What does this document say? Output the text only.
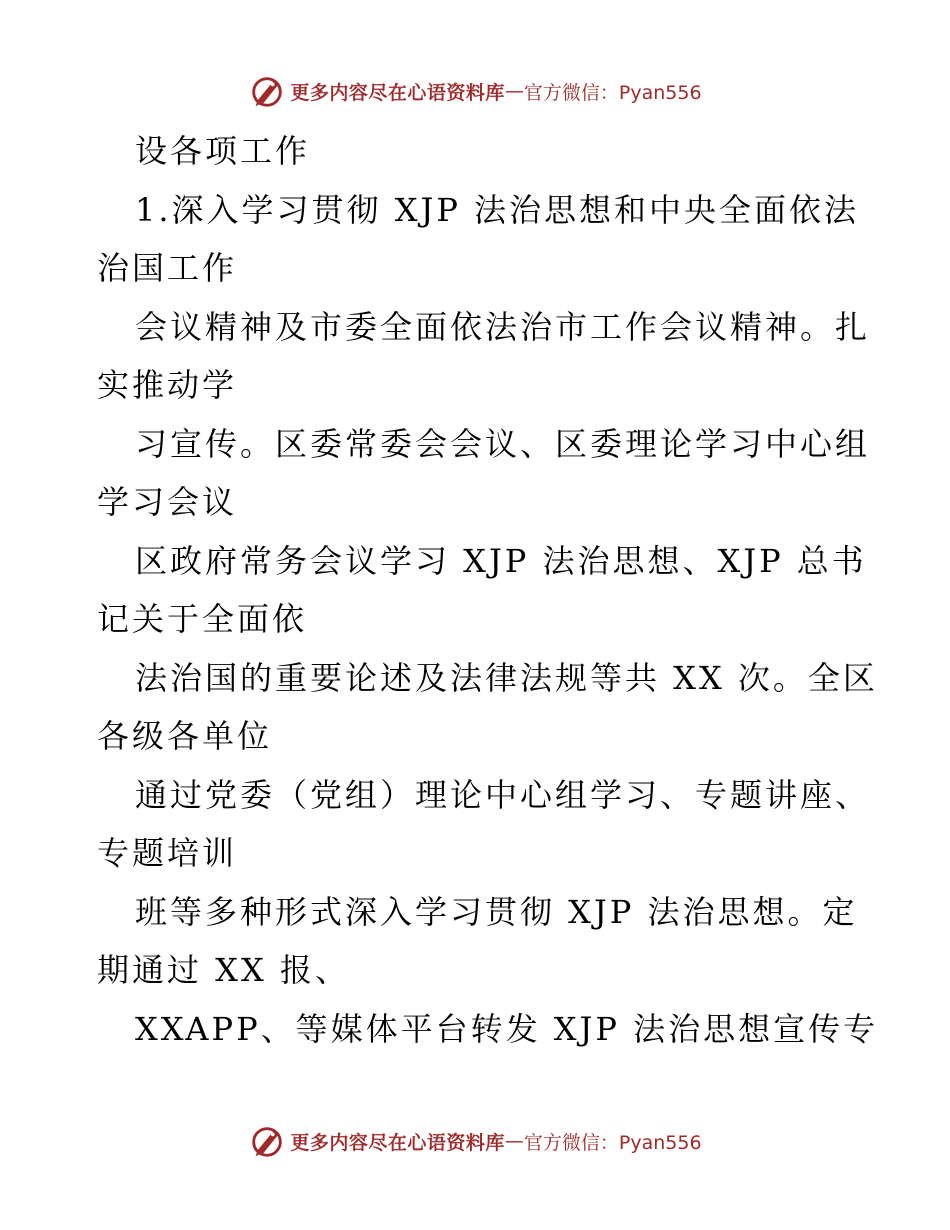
更多内容尽在心语资料库 — 官方微信：Pyan556
设各项工作
1.深入学习贯彻 XJP 法治思想和中央全面依法
治国工作
会议精神及市委全面依法治市工作会议精神。扎
实推动学
习宣传。区委常委会会议、区委理论学习中心组
学习会议
区政府常务会议学习 XJP 法治思想、XJP 总书
记关于全面依
法治国的重要论述及法律法规等共 XX 次。全区
各级各单位
通过党委（党组）理论中心组学习、专题讲座、
专题培训
班等多种形式深入学习贯彻 XJP 法治思想。定
期通过 XX 报、
XXAPP、等媒体平台转发 XJP 法治思想宣传专
更多内容尽在心语资料库 — 官方微信：Pyan556
